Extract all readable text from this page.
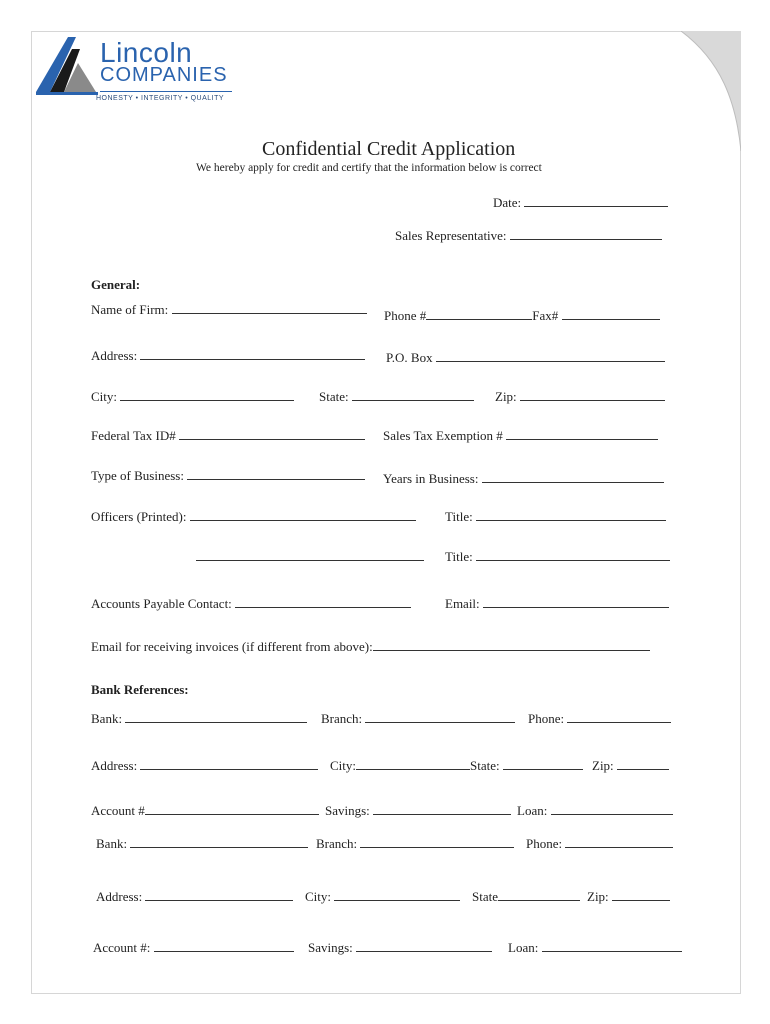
Lincoln
COMPANIES
HONESTY • INTEGRITY • QUALITY
Confidential Credit Application
We hereby apply for credit and certify that the information below is correct
Date:
Sales Representative:
General:
Name of Firm:	Phone #	Fax#
Address:	P.O. Box
City:	State:	Zip:
Federal Tax ID#	Sales Tax Exemption #
Type of Business:	Years in Business:
Officers (Printed):	Title:
Title:
Accounts Payable Contact:	Email:
Email for receiving invoices (if different from above):
Bank References:
Bank:	Branch:	Phone:
Address:	City:	State:	Zip:
Account #	Savings:	Loan:
Bank:	Branch:	Phone:
Address:	City:	State	Zip:
Account #:	Savings:	Loan:
